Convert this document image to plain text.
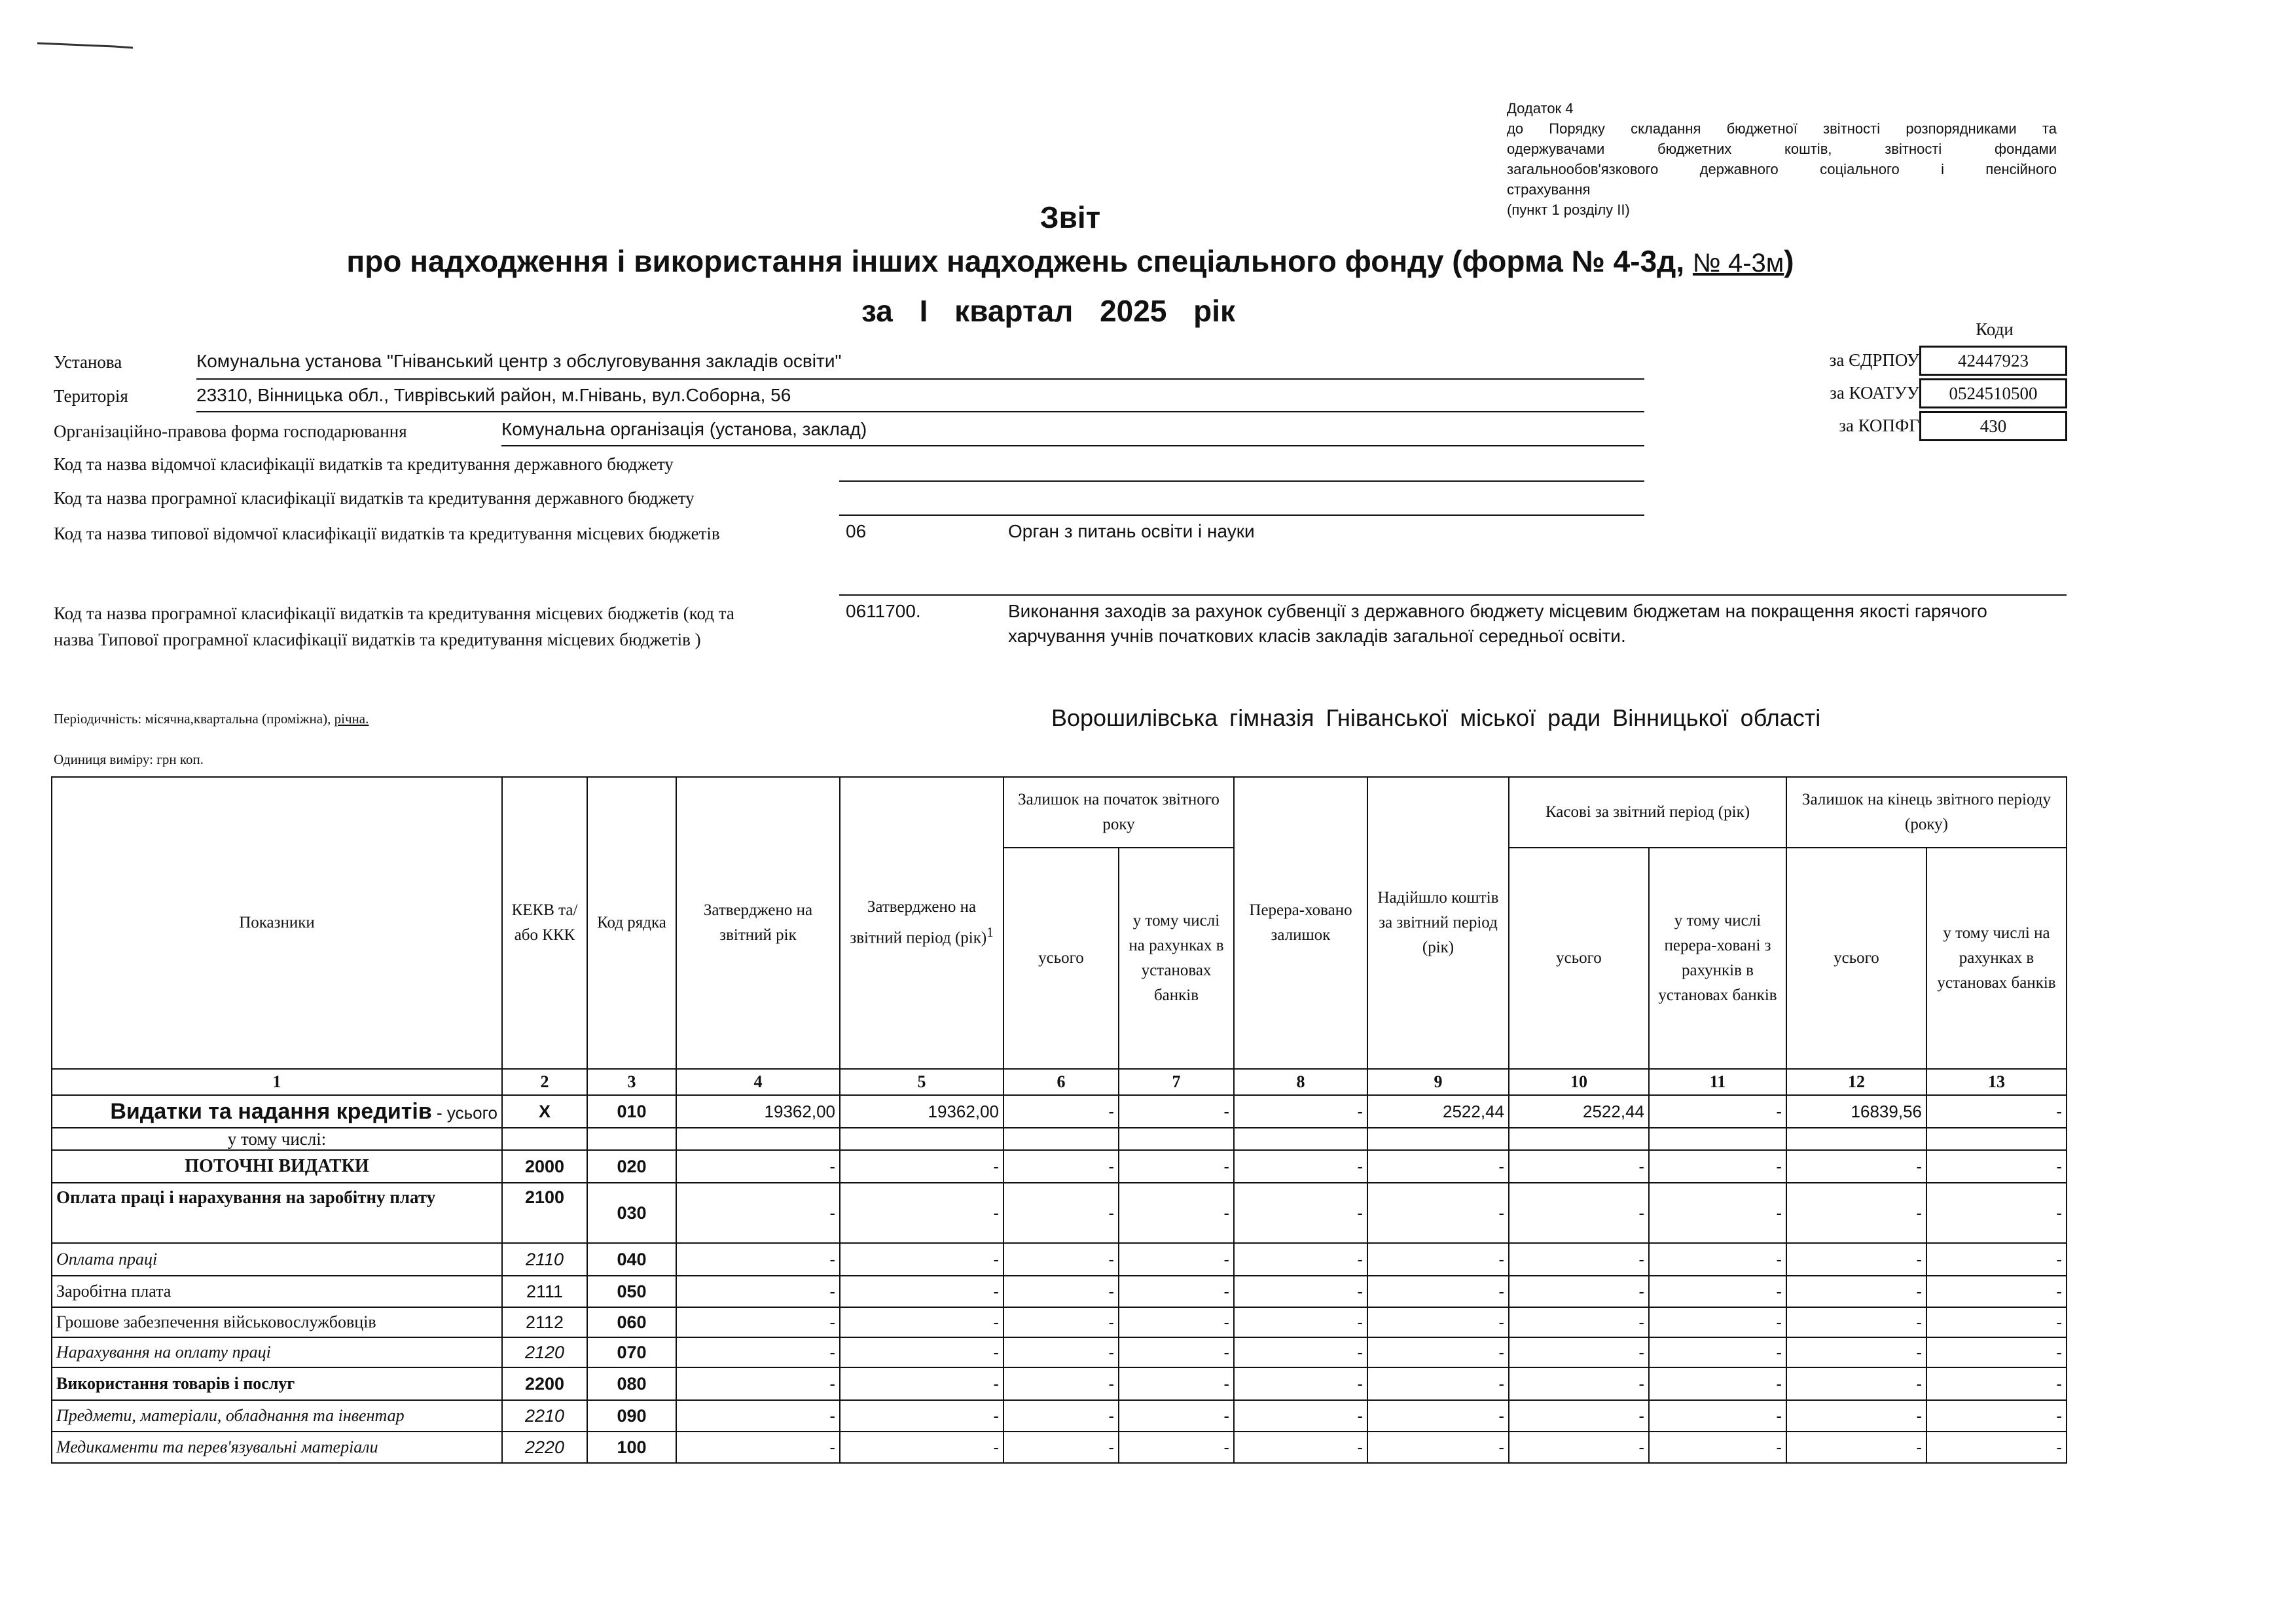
Додаток 4
до Порядку складання бюджетної звітності розпорядниками та
одержувачами бюджетних коштів, звітності фондами
загальнообов'язкового державного соціального і пенсійного
страхування
(пункт 1 розділу ІІ)
Звіт
про надходження і використання інших надходжень спеціального фонду (форма № 4-3д, № 4-3м)
за І квартал 2025 рік
Коди
за ЄДРПОУ	42447923
за КОАТУУ	0524510500
за КОПФГ	430
Установа	Комунальна установа "Гніванський центр з обслуговування закладів освіти"
Територія	23310, Вінницька обл., Тиврівський район, м.Гнівань, вул.Соборна, 56
Організаційно-правова форма господарювання	Комунальна організація (установа, заклад)
Код та назва відомчої класифікації видатків та кредитування державного бюджету
Код та назва програмної класифікації видатків та кредитування державного бюджету
Код та назва типової відомчої класифікації видатків та кредитування місцевих бюджетів	06	Орган з питань освіти і науки
Код та назва програмної класифікації видатків та кредитування місцевих бюджетів (код та
назва Типової програмної класифікації видатків та кредитування місцевих бюджетів )
0611700.	Виконання заходів за рахунок субвенції з державного бюджету місцевим бюджетам на покращення якості гарячого
харчування учнів початкових класів закладів загальної середньої освіти.
Періодичність: місячна,квартальна (проміжна), річна.
Одиниця виміру: грн коп.
Ворошилівська гімназія Гніванської міської ради Вінницької області
Показники	КЕКВ та/або ККК	Код рядка	Затверджено на звітний рік	Затверджено на звітний період (рік)$^1$	Залишок на початок звітного року		Перера-ховано залишок	Надійшло коштів за звітний період (рік)	Касові за звітний період (рік)		Залишок на кінець звітного періоду (року)	
					усього	у тому числі на рахунках в установах банків			усього	у тому числі перера-ховані з рахунків в установах банків	усього	у тому числі на рахунках в установах банків
1	2	3	4	5	6	7	8	9	10	11	12	13
Видатки та надання кредитів - усього	X	010	19362,00	19362,00	-	-	-	2522,44	2522,44	-	16839,56	-
у тому числі:												
ПОТОЧНІ ВИДАТКИ	2000	020	-	-	-	-	-	-	-	-	-	-
Оплата праці і нарахування на заробітну плату	2100	030	-	-	-	-	-	-	-	-	-	-
Оплата праці	2110	040	-	-	-	-	-	-	-	-	-	-
Заробітна плата	2111	050	-	-	-	-	-	-	-	-	-	-
Грошове забезпечення військовослужбовців	2112	060	-	-	-	-	-	-	-	-	-	-
Нарахування на оплату праці	2120	070	-	-	-	-	-	-	-	-	-	-
Використання товарів і послуг	2200	080	-	-	-	-	-	-	-	-	-	-
Предмети, матеріали, обладнання та інвентар	2210	090	-	-	-	-	-	-	-	-	-	-
Медикаменти та перев'язувальні матеріали	2220	100	-	-	-	-	-	-	-	-	-	-
